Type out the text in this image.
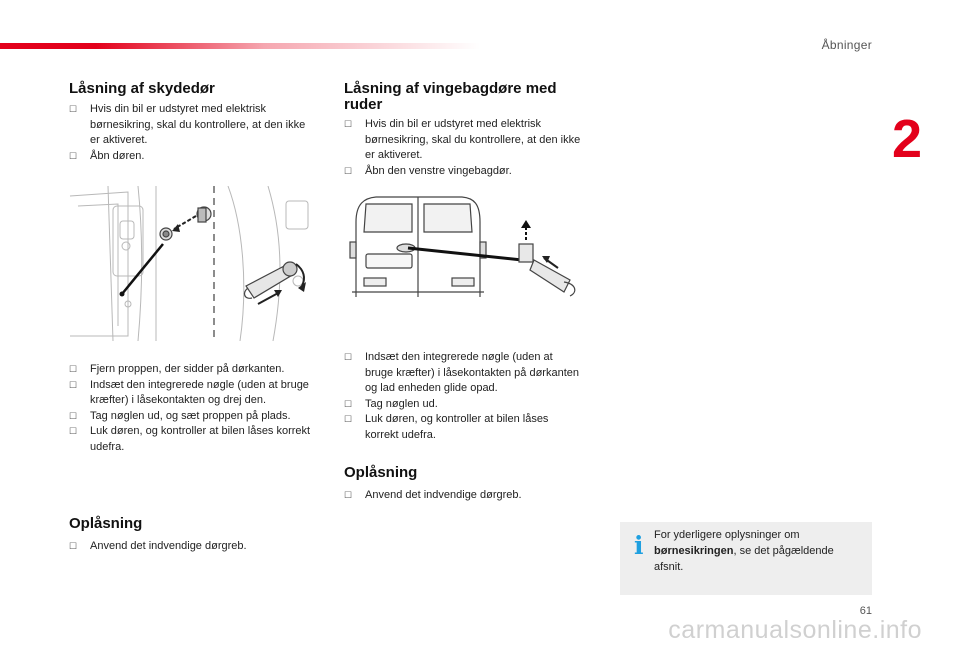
Åbninger
2
Låsning af skydedør
☐ Hvis din bil er udstyret med elektrisk børnesikring, skal du kontrollere, at den ikke er aktiveret.
☐ Åbn døren.
☐ Fjern proppen, der sidder på dørkanten.
☐ Indsæt den integrerede nøgle (uden at bruge kræfter) i låsekontakten og drej den.
☐ Tag nøglen ud, og sæt proppen på plads.
☐ Luk døren, og kontroller at bilen låses korrekt udefra.
Oplåsning
☐ Anvend det indvendige dørgreb.
Låsning af vingebagdøre med ruder
☐ Hvis din bil er udstyret med elektrisk børnesikring, skal du kontrollere, at den ikke er aktiveret.
☐ Åbn den venstre vingebagdør.
☐ Indsæt den integrerede nøgle (uden at bruge kræfter) i låsekontakten på dørkanten og lad enheden glide opad.
☐ Tag nøglen ud.
☐ Luk døren, og kontroller at bilen låses korrekt udefra.
Oplåsning
☐ Anvend det indvendige dørgreb.
i For yderligere oplysninger om børnesikringen, se det pågældende afsnit.
61
carmanualsonline.info
